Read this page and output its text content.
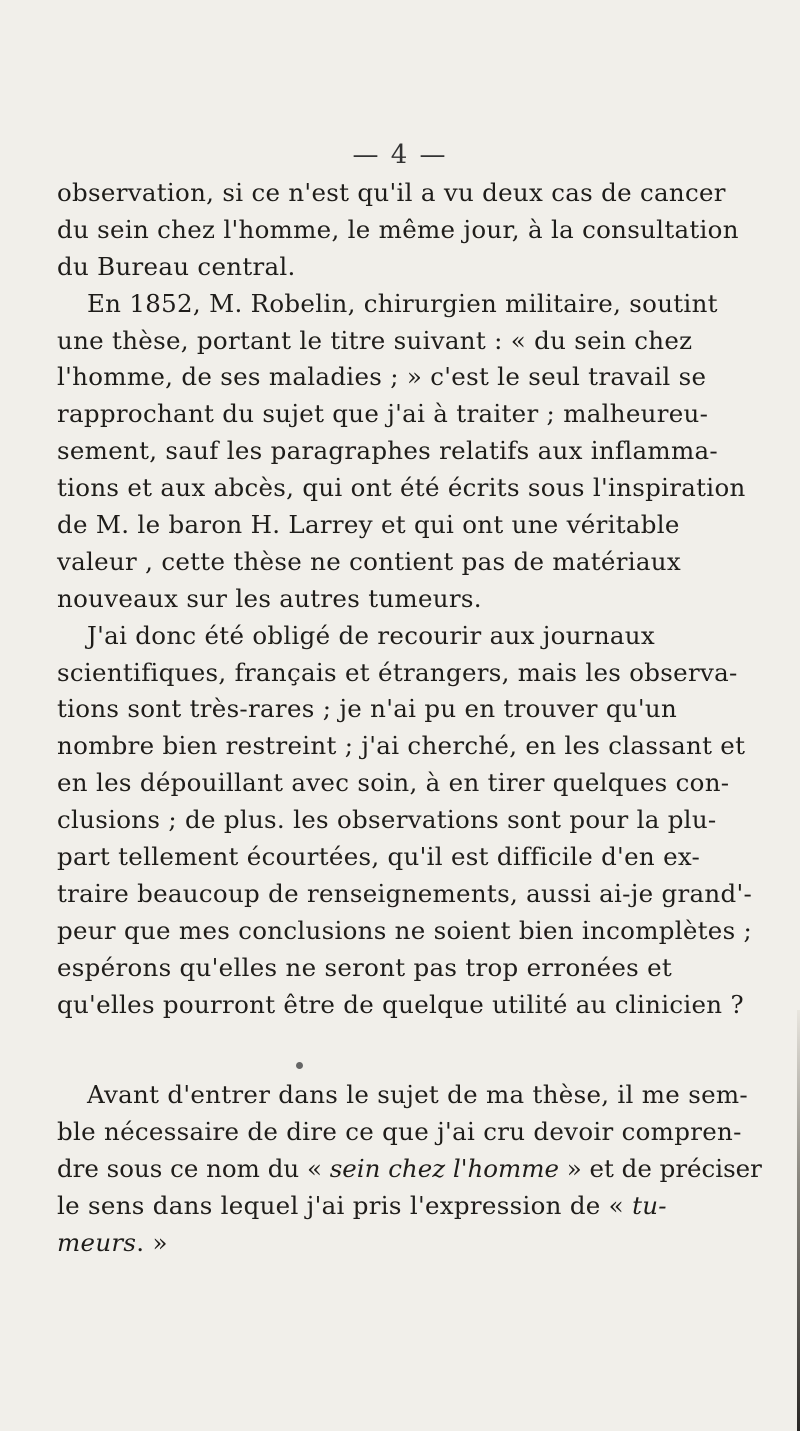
— 4 —
observation, si ce n'est qu'il a vu deux cas de cancer
du sein chez l'homme, le même jour, à la consultation
du Bureau central.
En 1852, M. Robelin, chirurgien militaire, soutint
une thèse, portant le titre suivant : « du sein chez
l'homme, de ses maladies ; » c'est le seul travail se
rapprochant du sujet que j'ai à traiter ; malheureu-
sement, sauf les paragraphes relatifs aux inflamma-
tions et aux abcès, qui ont été écrits sous l'inspiration
de M. le baron H. Larrey et qui ont une véritable
valeur , cette thèse ne contient pas de matériaux
nouveaux sur les autres tumeurs.
J'ai donc été obligé de recourir aux journaux
scientifiques, français et étrangers, mais les observa-
tions sont très-rares ; je n'ai pu en trouver qu'un
nombre bien restreint ; j'ai cherché, en les classant et
en les dépouillant avec soin, à en tirer quelques con-
clusions ; de plus. les observations sont pour la plu-
part tellement écourtées, qu'il est difficile d'en ex-
traire beaucoup de renseignements, aussi ai-je grand'-
peur que mes conclusions ne soient bien incomplètes ;
espérons qu'elles ne seront pas trop erronées et
qu'elles pourront être de quelque utilité au clinicien ?
Avant d'entrer dans le sujet de ma thèse, il me sem-
ble nécessaire de dire ce que j'ai cru devoir compren-
dre sous ce nom du « sein chez l'homme » et de préciser
le sens dans lequel j'ai pris l'expression de « tu-
meurs. »
